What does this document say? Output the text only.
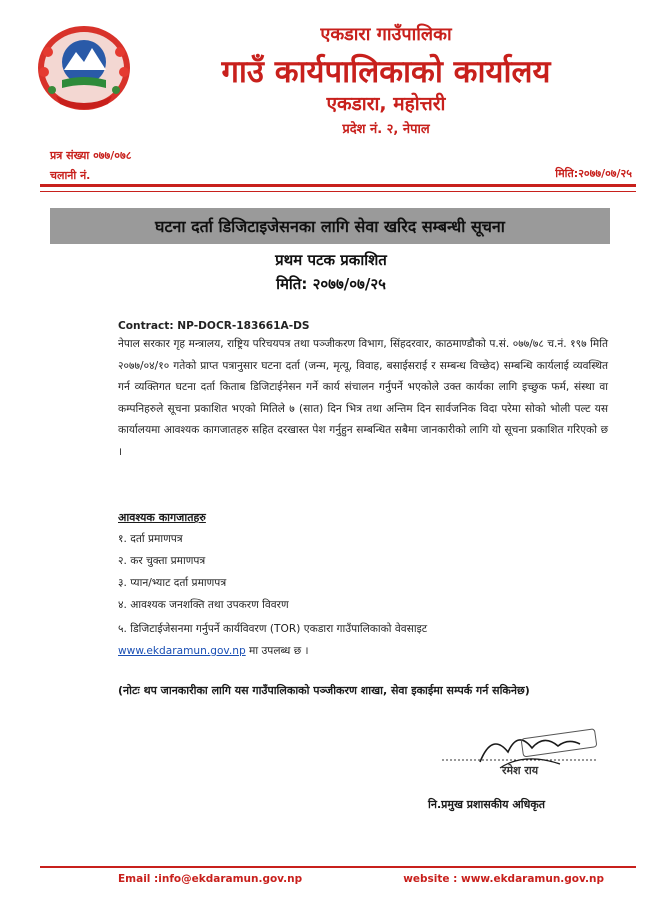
एकडारा गाउँपालिका
गाउँ कार्यपालिकाको कार्यालय
एकडारा, महोत्तरी
प्रदेश नं. २, नेपाल
प्रत्र संख्या ०७७/०७८
चलानी नं.	मिति:२०७७/०७/२५
घटना दर्ता डिजिटाइजेसनका लागि सेवा खरिद सम्बन्धी सूचना
प्रथम पटक प्रकाशित
मिति: २०७७/०७/२५
Contract: NP-DOCR-183661A-DS
नेपाल सरकार गृह मन्त्रालय, राष्ट्रिय परिचयपत्र तथा पञ्जीकरण विभाग, सिंहदरवार, काठमाण्डौको प.सं. ०७७/७८ च.नं. १९७ मिति २०७७/०४/१० गतेको प्राप्त पत्रानुसार घटना दर्ता (जन्म, मृत्यू, विवाह, बसाईसराई र सम्बन्ध विच्छेद) सम्बन्धि कार्यलाई व्यवस्थित गर्न व्यक्तिगत घटना दर्ता किताब डिजिटाईनेसन गर्ने कार्य संचालन गर्नुपर्ने भएकोले उक्त कार्यका लागि इच्छुक फर्म, संस्था वा कम्पनिहरुले सूचना प्रकाशित भएको मितिले ७ (सात) दिन भित्र तथा अन्तिम दिन सार्वजनिक विदा परेमा सोको भोली पल्ट यस कार्यालयमा आवश्यक कागजातहरु सहित दरखास्त पेश गर्नुहुन सम्बन्धित सबैमा जानकारीको लागि यो सूचना प्रकाशित गरिएको छ ।
आवश्यक कागजातहरु
१. दर्ता प्रमाणपत्र
२. कर चुक्ता प्रमाणपत्र
३. प्यान/भ्याट दर्ता प्रमाणपत्र
४. आवश्यक जनशक्ति तथा उपकरण विवरण
५. डिजिटाईजेसनमा गर्नुपर्ने कार्यविवरण (TOR) एकडारा गाउँपालिकाको वेवसाइट
www.ekdaramun.gov.np मा उपलब्ध छ ।
(नोटः थप जानकारीका लागि यस गाउँपालिकाको पञ्जीकरण शाखा, सेवा इकाईमा सम्पर्क गर्न सकिनेछ)
रमेश राय
नि.प्रमुख प्रशासकीय अधिकृत
Email :info@ekdaramun.gov.np	website : www.ekdaramun.gov.np
